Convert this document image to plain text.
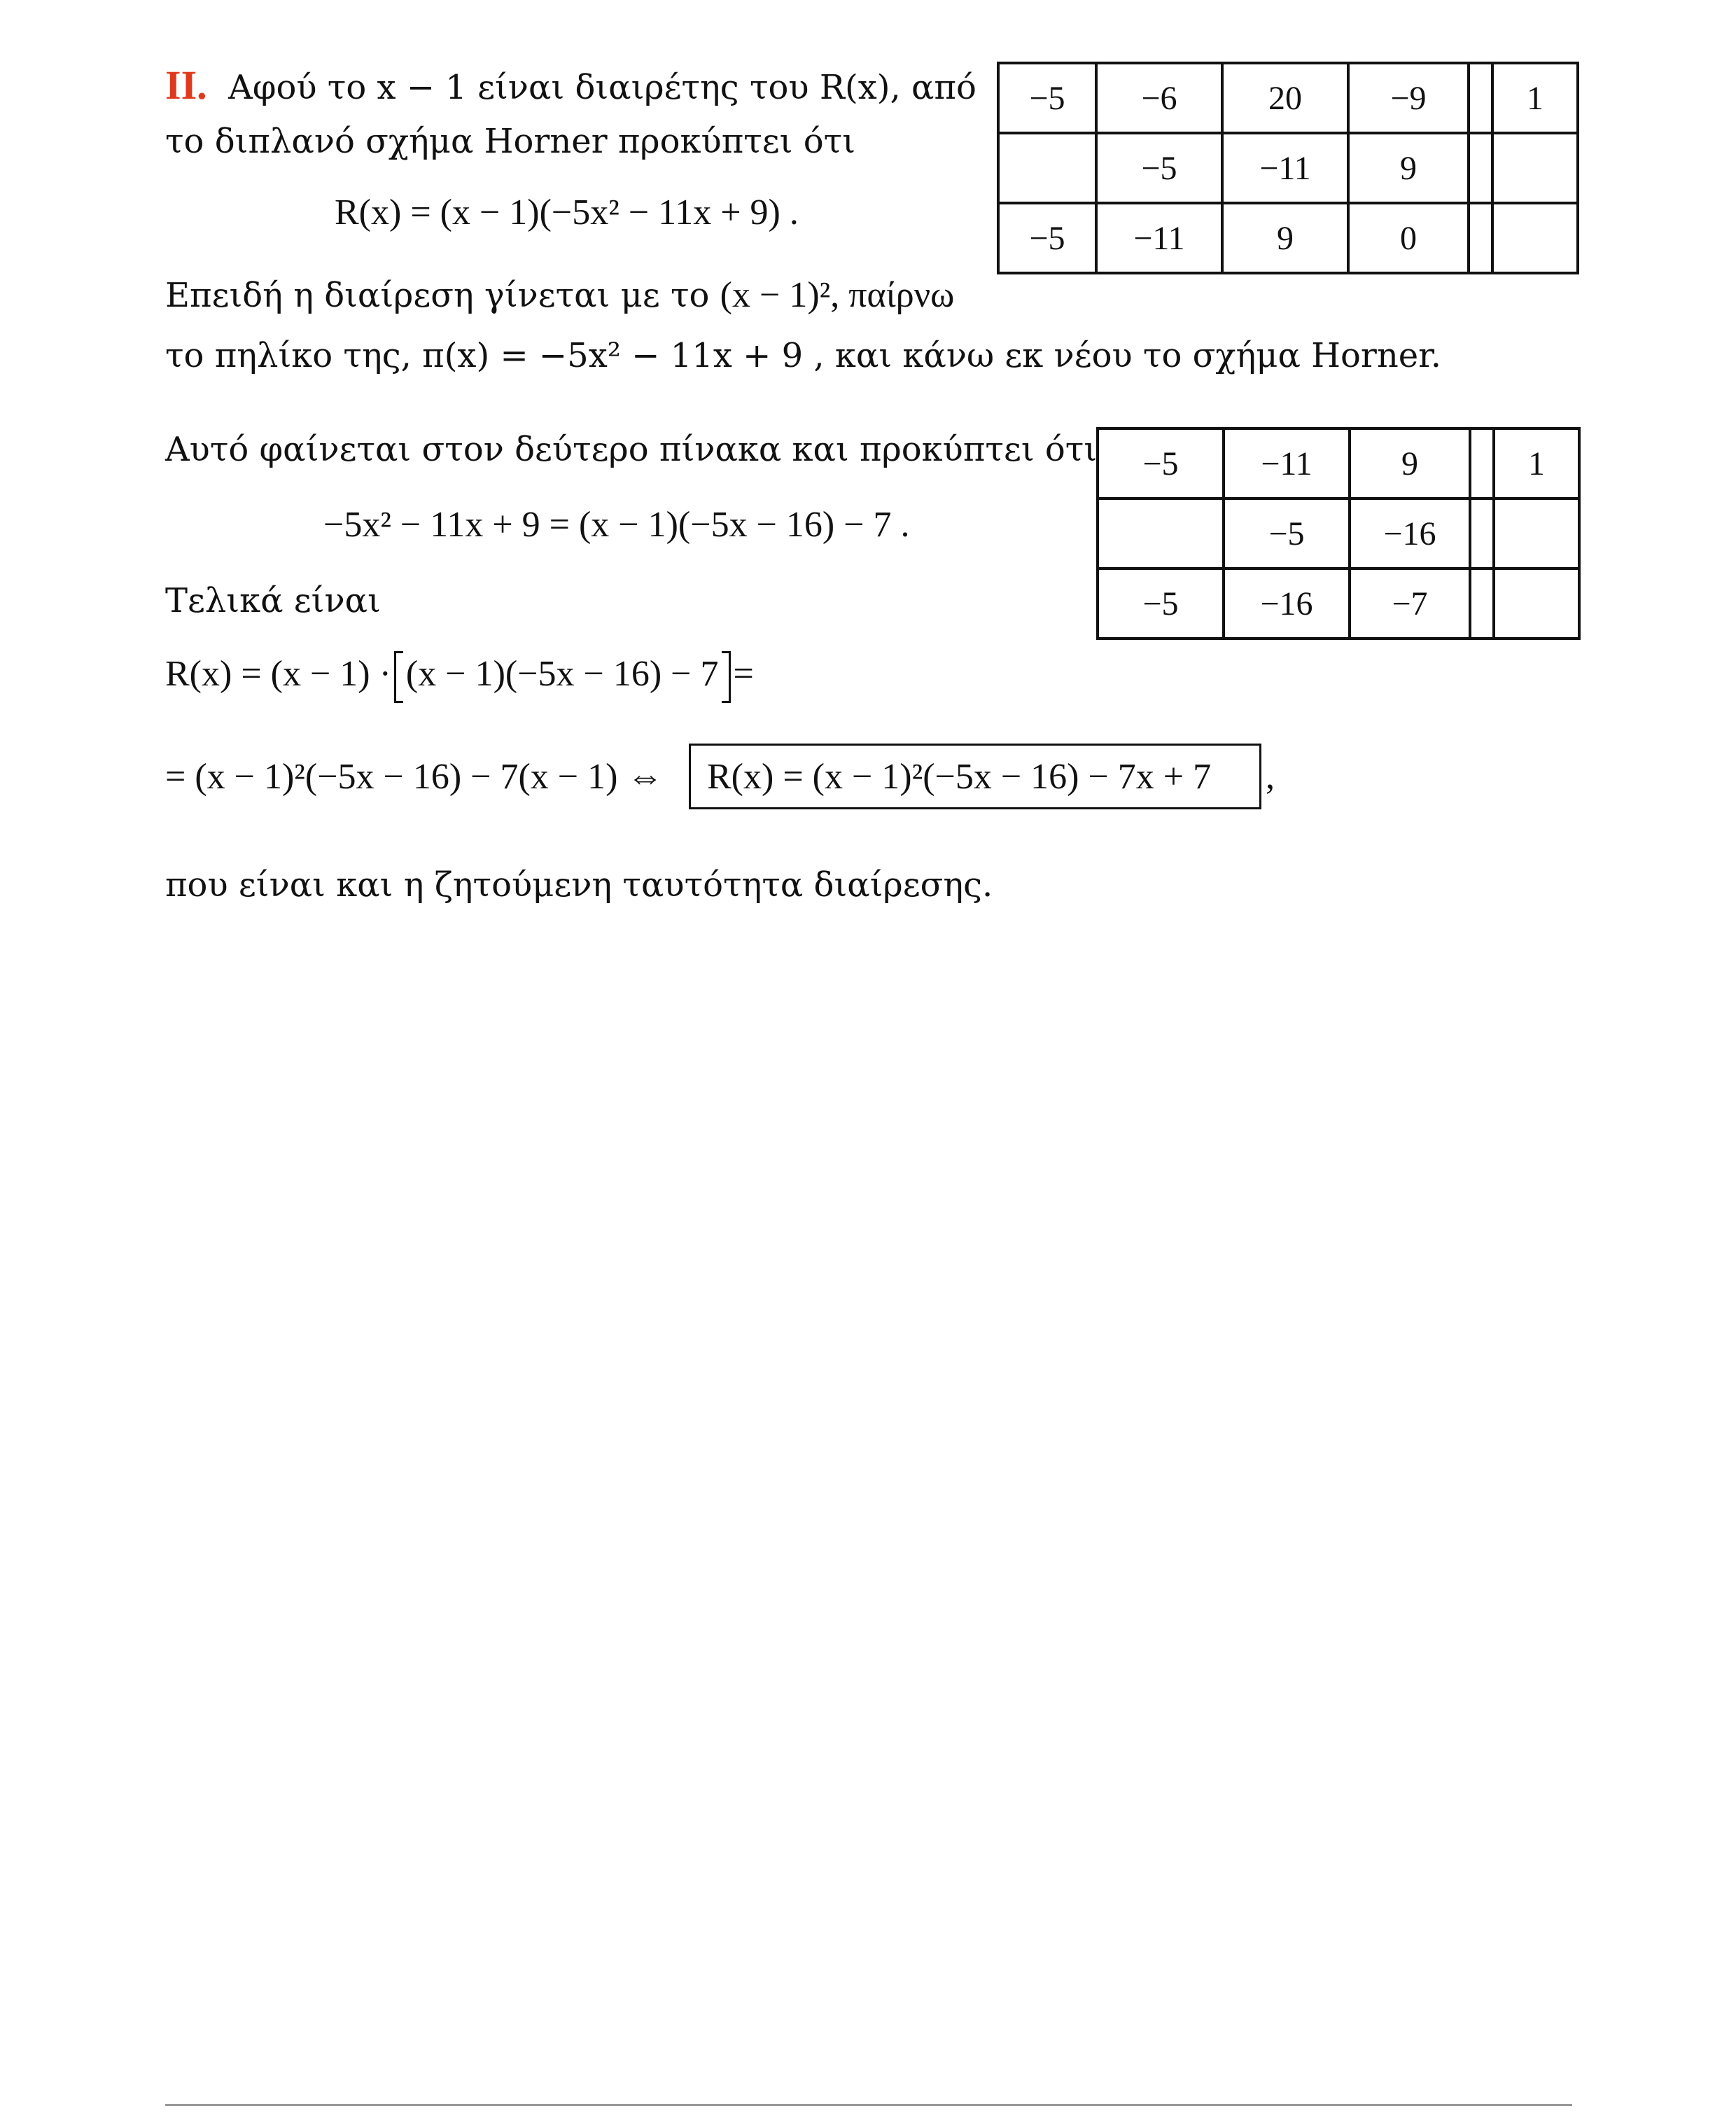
II. Αφού το x − 1 είναι διαιρέτης του R(x), από
το διπλανό σχήμα Horner προκύπτει ότι
R(x) = (x − 1)(−5x² − 11x + 9) .
Επειδή η διαίρεση γίνεται με το (x − 1)², παίρνω
το πηλίκο της, π(x) = −5x² − 11x + 9 , και κάνω εκ νέου το σχήμα Horner.
Αυτό φαίνεται στον δεύτερο πίνακα και προκύπτει ότι
−5x² − 11x + 9 = (x − 1)(−5x − 16) − 7 .
Τελικά είναι
R(x) = (x − 1) · (x − 1)(−5x − 16) − 7 =
= (x − 1)²(−5x − 16) − 7(x − 1) ⇔ R(x) = (x − 1)²(−5x − 16) − 7x + 7 ,
που είναι και η ζητούμενη ταυτότητα διαίρεσης.
−5	−6	20	−9		1
	−5	−11	9		
−5	−11	9	0		
−5	−11	9		1
	−5	−16		
−5	−16	−7		
